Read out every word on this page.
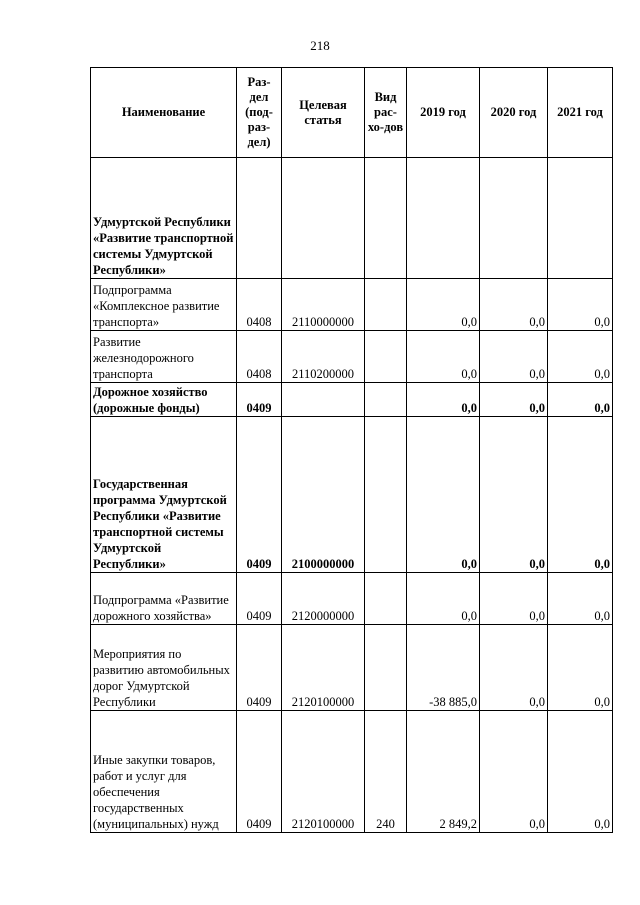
218
Наименование	Раз-дел (под-раз-дел)	Целевая статья	Вид рас-хо-дов	2019 год	2020 год	2021 год
Удмуртской Республики «Развитие транспортной системы Удмуртской Республики»						
Подпрограмма «Комплексное развитие транспорта»	0408	2110000000		0,0	0,0	0,0
Развитие железнодорожного транспорта	0408	2110200000		0,0	0,0	0,0
Дорожное хозяйство (дорожные фонды)	0409			0,0	0,0	0,0
Государственная программа Удмуртской Республики «Развитие транспортной системы Удмуртской Республики»	0409	2100000000		0,0	0,0	0,0
Подпрограмма «Развитие дорожного хозяйства»	0409	2120000000		0,0	0,0	0,0
Мероприятия по развитию автомобильных дорог Удмуртской Республики	0409	2120100000		-38 885,0	0,0	0,0
Иные закупки товаров, работ и услуг для обеспечения государственных (муниципальных) нужд	0409	2120100000	240	2 849,2	0,0	0,0
